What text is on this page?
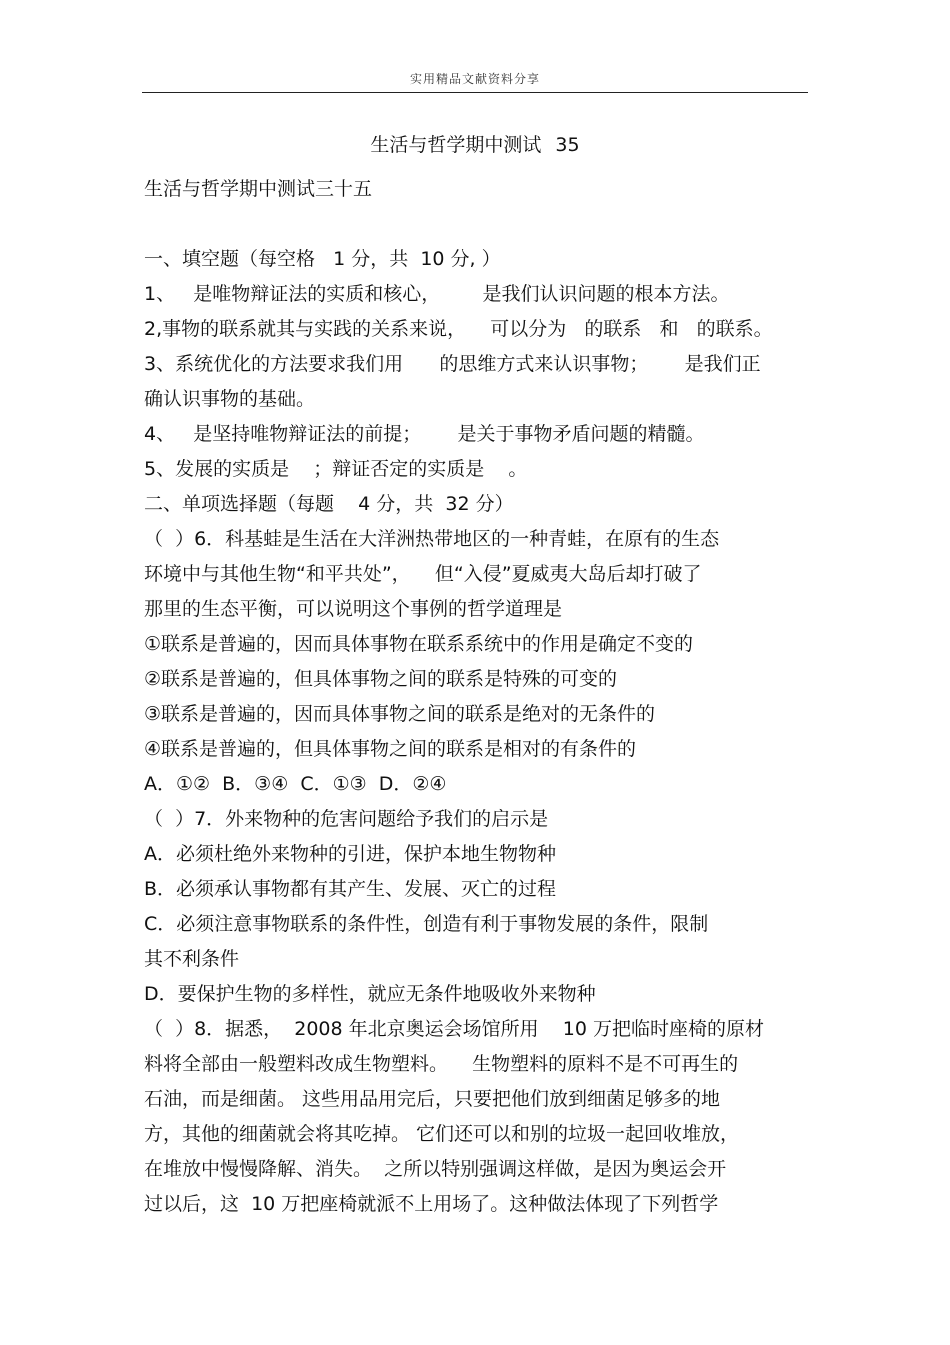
实用精品文献资料分享
生活与哲学期中测试 35
生活与哲学期中测试三十五
一、填空题（每空格   1 分，共  10 分, ）
1、   是唯物辩证法的实质和核心，       是我们认识问题的根本方法。
2,事物的联系就其与实践的关系来说，    可以分为   的联系   和   的联系。
3、系统优化的方法要求我们用      的思维方式来认识事物；      是我们正
确认识事物的基础。
4、   是坚持唯物辩证法的前提；      是关于事物矛盾问题的精髓。
5、发展的实质是    ；辩证否定的实质是    。
二、单项选择题（每题    4 分，共  32 分）
（  ）6．科基蛙是生活在大洋洲热带地区的一种青蛙，在原有的生态
环境中与其他生物“和平共处”，    但“入侵”夏威夷大岛后却打破了
那里的生态平衡，可以说明这个事例的哲学道理是
①联系是普遍的，因而具体事物在联系系统中的作用是确定不变的
②联系是普遍的，但具体事物之间的联系是特殊的可变的
③联系是普遍的，因而具体事物之间的联系是绝对的无条件的
④联系是普遍的，但具体事物之间的联系是相对的有条件的
A．①②  B．③④  C．①③  D．②④
（  ）7．外来物种的危害问题给予我们的启示是
A．必须杜绝外来物种的引进，保护本地生物物种
B．必须承认事物都有其产生、发展、灭亡的过程
C．必须注意事物联系的条件性，创造有利于事物发展的条件，限制
其不利条件
D．要保护生物的多样性，就应无条件地吸收外来物种
（  ）8．据悉，  2008 年北京奥运会场馆所用    10 万把临时座椅的原材
料将全部由一般塑料改成生物塑料。    生物塑料的原料不是不可再生的
石油，而是细菌。 这些用品用完后，只要把他们放到细菌足够多的地
方，其他的细菌就会将其吃掉。 它们还可以和别的垃圾一起回收堆放，
在堆放中慢慢降解、消失。  之所以特别强调这样做，是因为奥运会开
过以后，这  10 万把座椅就派不上用场了。这种做法体现了下列哲学
